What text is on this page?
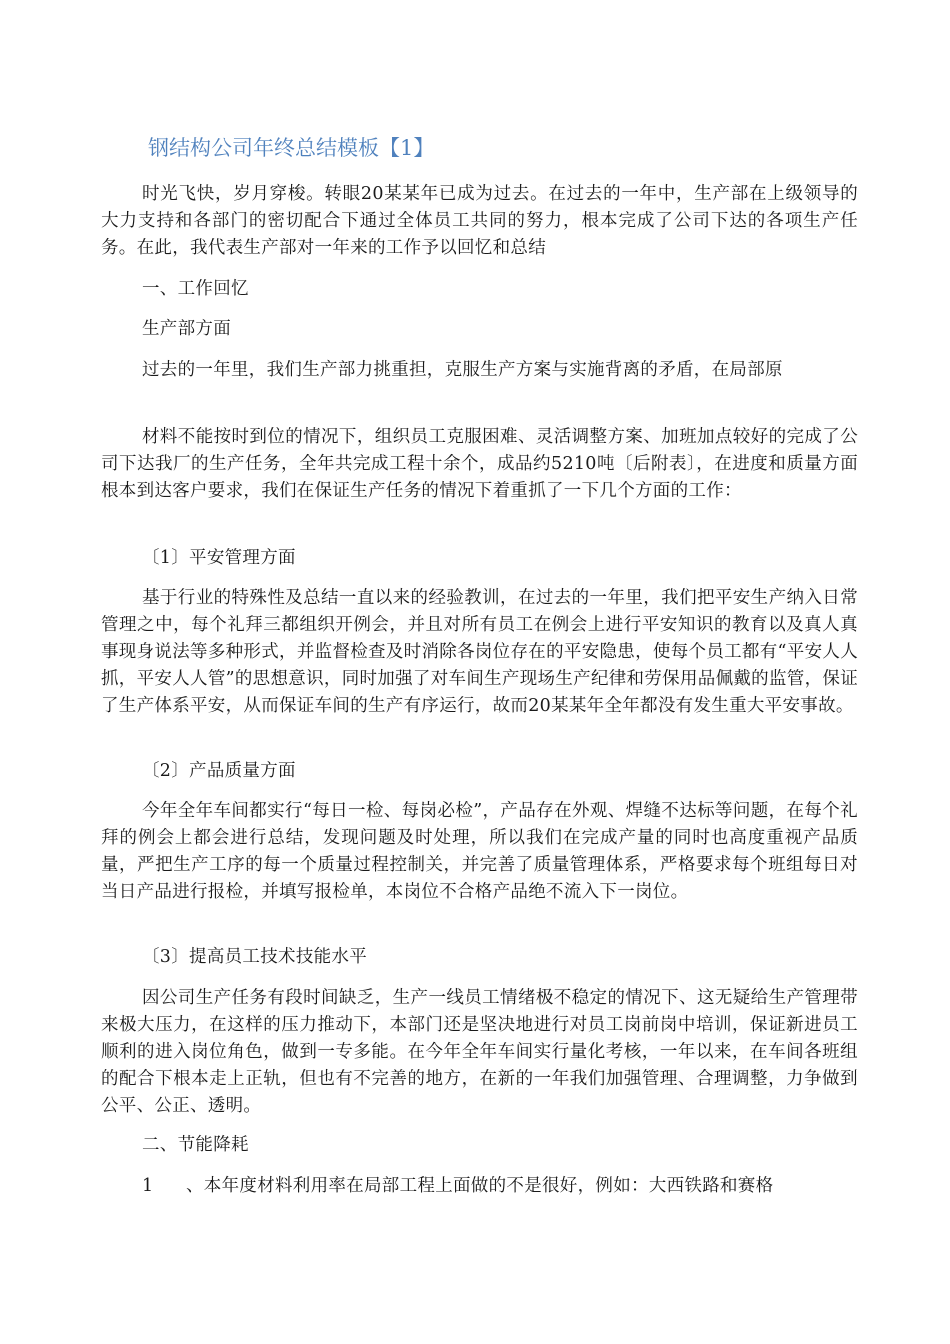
钢结构公司年终总结模板【1】

时光飞快，岁月穿梭。转眼20某某年已成为过去。在过去的一年中，生产部在上级领导的大力支持和各部门的密切配合下通过全体员工共同的努力，根本完成了公司下达的各项生产任务。在此，我代表生产部对一年来的工作予以回忆和总结

一、工作回忆

生产部方面

过去的一年里，我们生产部力挑重担，克服生产方案与实施背离的矛盾，在局部原

材料不能按时到位的情况下，组织员工克服困难、灵活调整方案、加班加点较好的完成了公司下达我厂的生产任务，全年共完成工程十余个，成品约5210吨〔后附表〕，在进度和质量方面根本到达客户要求，我们在保证生产任务的情况下着重抓了一下几个方面的工作：

〔1〕平安管理方面

基于行业的特殊性及总结一直以来的经验教训，在过去的一年里，我们把平安生产纳入日常管理之中，每个礼拜三都组织开例会，并且对所有员工在例会上进行平安知识的教育以及真人真事现身说法等多种形式，并监督检查及时消除各岗位存在的平安隐患，使每个员工都有“平安人人抓，平安人人管”的思想意识，同时加强了对车间生产现场生产纪律和劳保用品佩戴的监管，保证了生产体系平安，从而保证车间的生产有序运行，故而20某某年全年都没有发生重大平安事故。

〔2〕产品质量方面

今年全年车间都实行“每日一检、每岗必检”，产品存在外观、焊缝不达标等问题，在每个礼拜的例会上都会进行总结，发现问题及时处理，所以我们在完成产量的同时也高度重视产品质量，严把生产工序的每一个质量过程控制关，并完善了质量管理体系，严格要求每个班组每日对当日产品进行报检，并填写报检单，本岗位不合格产品绝不流入下一岗位。

〔3〕提高员工技术技能水平

因公司生产任务有段时间缺乏，生产一线员工情绪极不稳定的情况下、这无疑给生产管理带来极大压力，在这样的压力推动下，本部门还是坚决地进行对员工岗前岗中培训，保证新进员工顺利的进入岗位角色，做到一专多能。在今年全年车间实行量化考核，一年以来，在车间各班组的配合下根本走上正轨，但也有不完善的地方，在新的一年我们加强管理、合理调整，力争做到公平、公正、透明。

二、节能降耗

1 、本年度材料利用率在局部工程上面做的不是很好，例如：大西铁路和赛格
